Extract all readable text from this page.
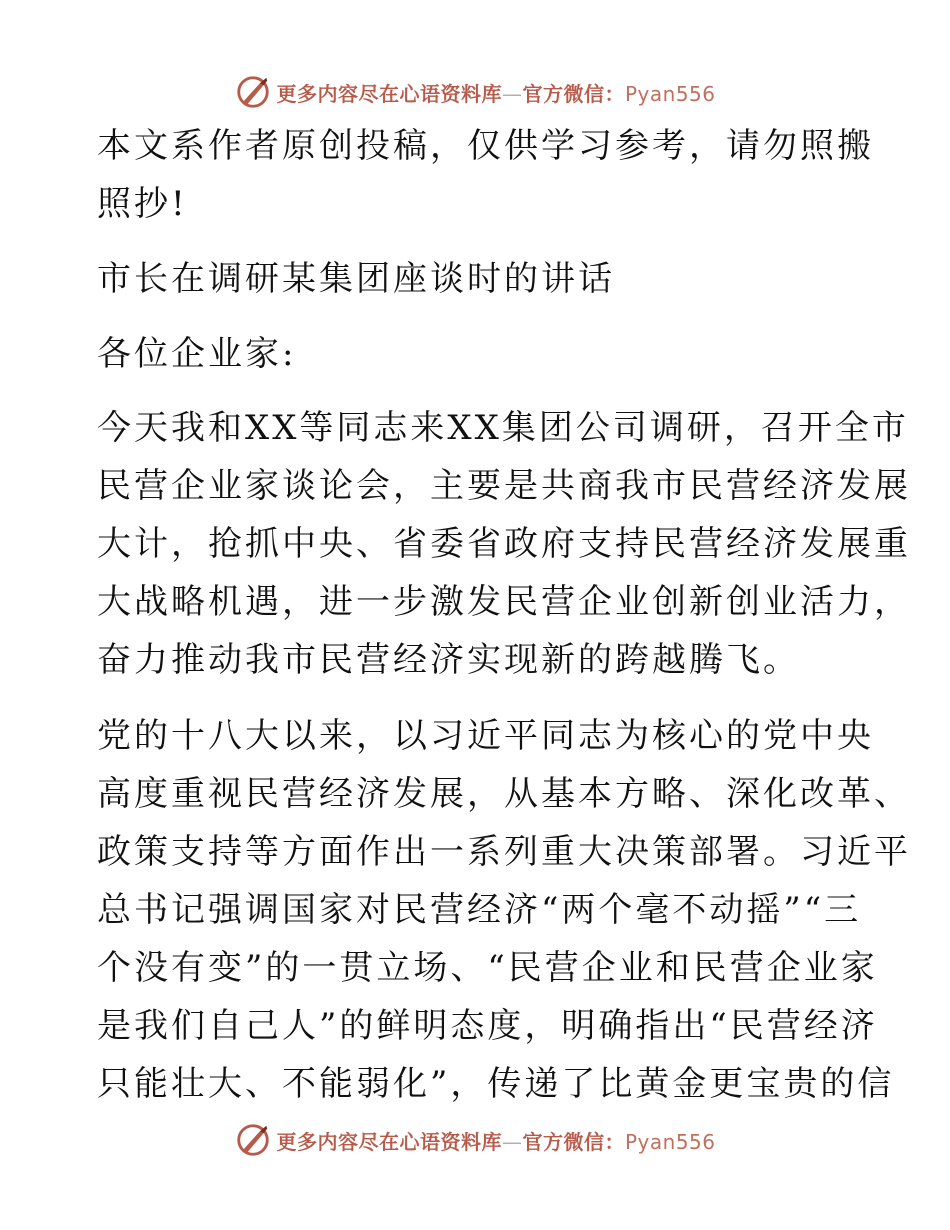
更多内容尽在心语资料库—官方微信：Pyan556
本文系作者原创投稿，仅供学习参考，请勿照搬
照抄!
市长在调研某集团座谈时的讲话
各位企业家:
今天我和XX等同志来XX集团公司调研，召开全市
民营企业家谈论会，主要是共商我市民营经济发展
大计，抢抓中央、省委省政府支持民营经济发展重
大战略机遇，进一步激发民营企业创新创业活力，
奋力推动我市民营经济实现新的跨越腾飞。
党的十八大以来，以习近平同志为核心的党中央
高度重视民营经济发展，从基本方略、深化改革、
政策支持等方面作出一系列重大决策部署。习近平
总书记强调国家对民营经济“两个毫不动摇”“三
个没有变”的一贯立场、“民营企业和民营企业家
是我们自己人”的鲜明态度，明确指出“民营经济
只能壮大、不能弱化”，传递了比黄金更宝贵的信
更多内容尽在心语资料库—官方微信：Pyan556
